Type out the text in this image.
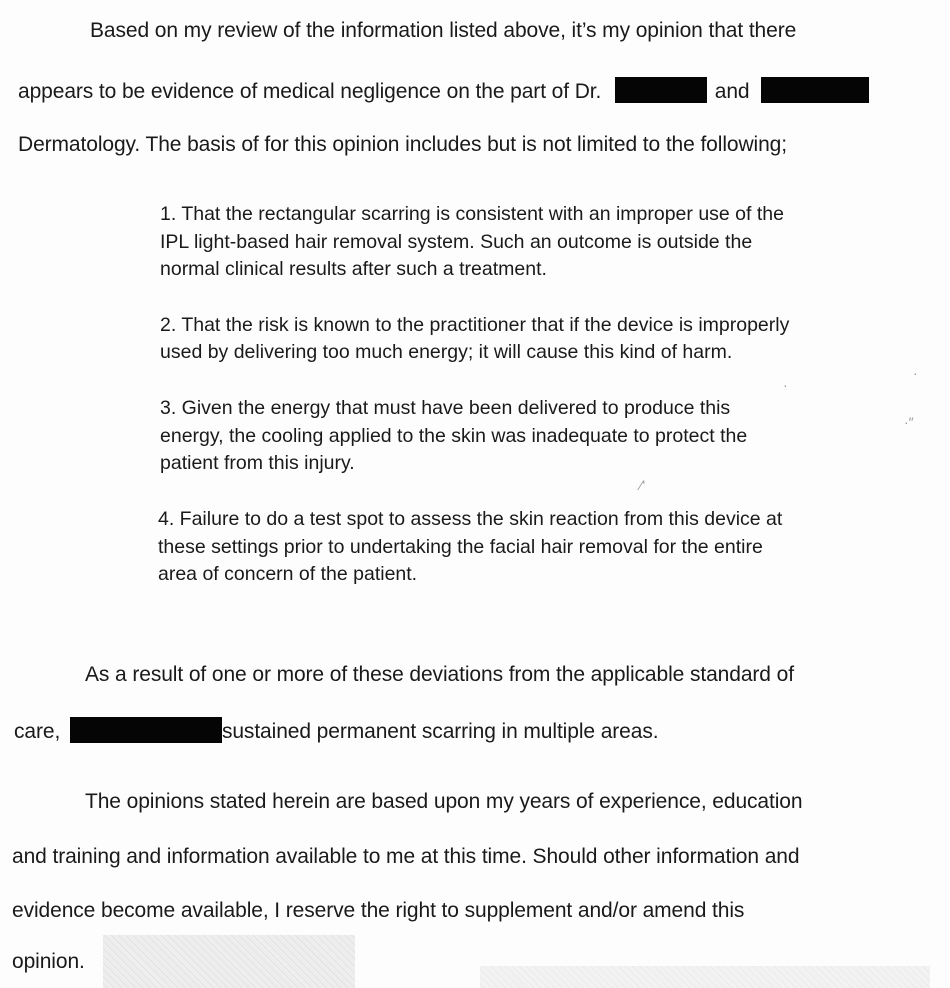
Based on my review of the information listed above, it’s my opinion that there
appears to be evidence of medical negligence on the part of Dr.	and
Dermatology. The basis of for this opinion includes but is not limited to the following;
1. That the rectangular scarring is consistent with an improper use of the
IPL light-based hair removal system. Such an outcome is outside the
normal clinical results after such a treatment.
2. That the risk is known to the practitioner that if the device is improperly
used by delivering too much energy; it will cause this kind of harm.
3. Given the energy that must have been delivered to produce this
energy, the cooling applied to the skin was inadequate to protect the
patient from this injury.
4. Failure to do a test spot to assess the skin reaction from this device at
these settings prior to undertaking the facial hair removal for the entire
area of concern of the patient.
As a result of one or more of these deviations from the applicable standard of
care,	sustained permanent scarring in multiple areas.
The opinions stated herein are based upon my years of experience, education
and training and information available to me at this time. Should other information and
evidence become available, I reserve the right to supplement and/or amend this
opinion.
·″
⁄‘
·
·
